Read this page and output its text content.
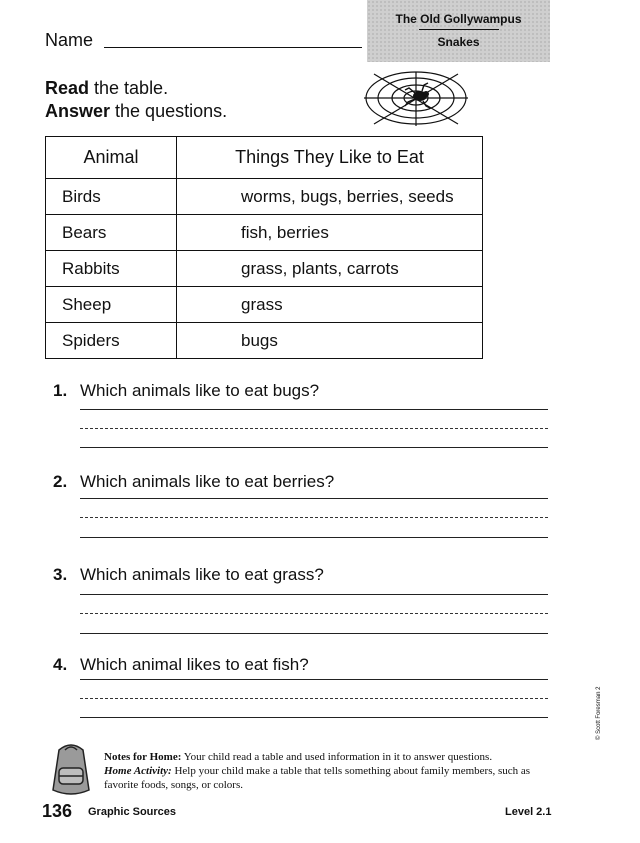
The Old Gollywampus
Snakes
Name
Read the table.
Answer the questions.
Animal	Things They Like to Eat
Birds	worms, bugs, berries, seeds
Bears	fish, berries
Rabbits	grass, plants, carrots
Sheep	grass
Spiders	bugs
1. Which animals like to eat bugs?
2. Which animals like to eat berries?
3. Which animals like to eat grass?
4. Which animal likes to eat fish?
Notes for Home: Your child read a table and used information in it to answer questions.
Home Activity: Help your child make a table that tells something about family members, such as favorite foods, songs, or colors.
136 Graphic Sources	Level 2.1
© Scott Foresman 2
